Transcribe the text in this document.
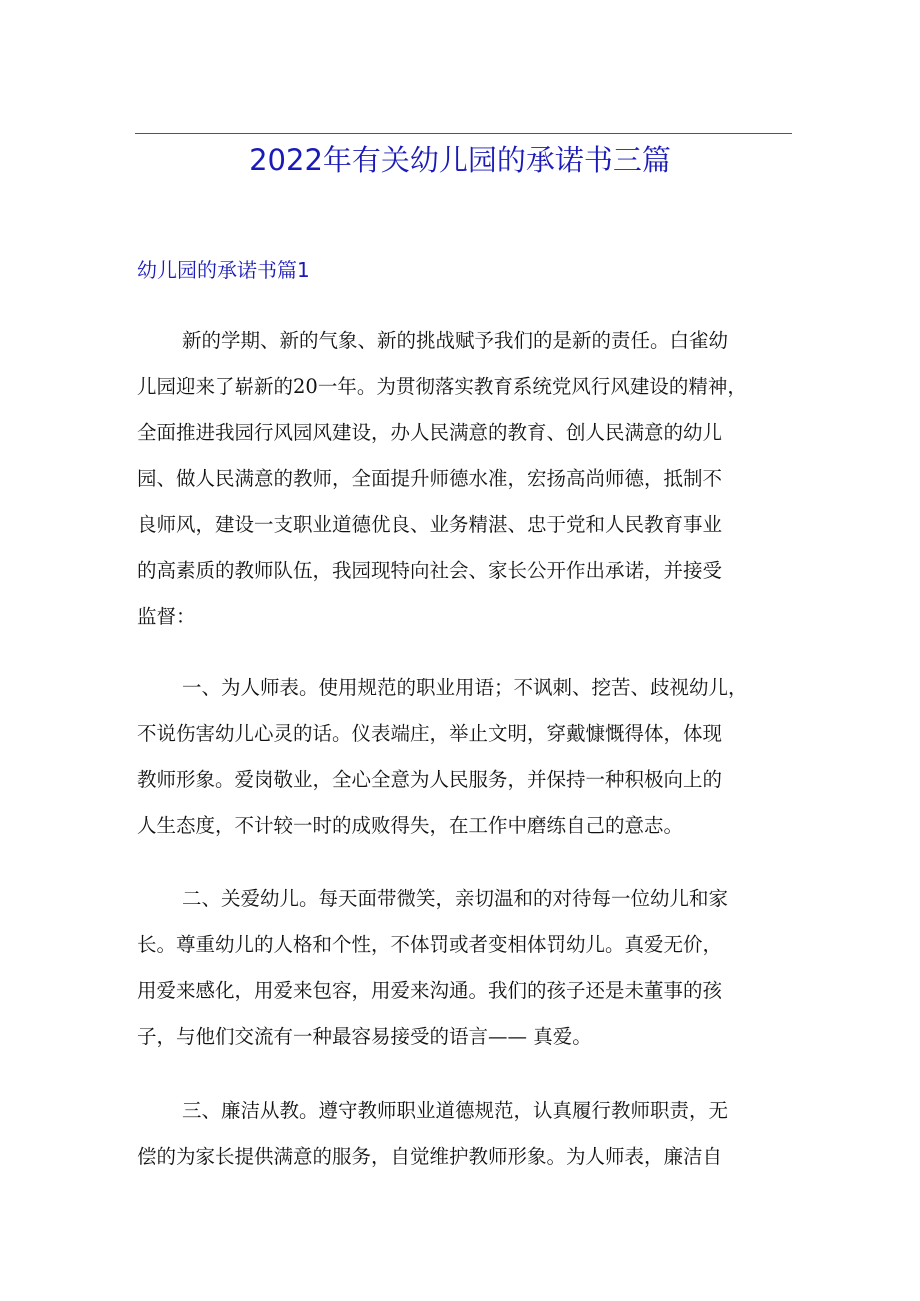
2022年有关幼儿园的承诺书三篇
幼儿园的承诺书篇1
新的学期、新的气象、新的挑战赋予我们的是新的责任。白雀幼
儿园迎来了崭新的20一年。为贯彻落实教育系统党风行风建设的精神，
全面推进我园行风园风建设，办人民满意的教育、创人民满意的幼儿
园、做人民满意的教师，全面提升师德水准，宏扬高尚师德，抵制不
良师风，建设一支职业道德优良、业务精湛、忠于党和人民教育事业
的高素质的教师队伍，我园现特向社会、家长公开作出承诺，并接受
监督：
一、为人师表。使用规范的职业用语；不讽刺、挖苦、歧视幼儿，
不说伤害幼儿心灵的话。仪表端庄，举止文明，穿戴慷慨得体，体现
教师形象。爱岗敬业，全心全意为人民服务，并保持一种积极向上的
人生态度，不计较一时的成败得失，在工作中磨练自己的意志。
二、关爱幼儿。每天面带微笑，亲切温和的对待每一位幼儿和家
长。尊重幼儿的人格和个性，不体罚或者变相体罚幼儿。真爱无价，
用爱来感化，用爱来包容，用爱来沟通。我们的孩子还是未董事的孩
子，与他们交流有一种最容易接受的语言—— 真爱。
三、廉洁从教。遵守教师职业道德规范，认真履行教师职责，无
偿的为家长提供满意的服务，自觉维护教师形象。为人师表，廉洁自
